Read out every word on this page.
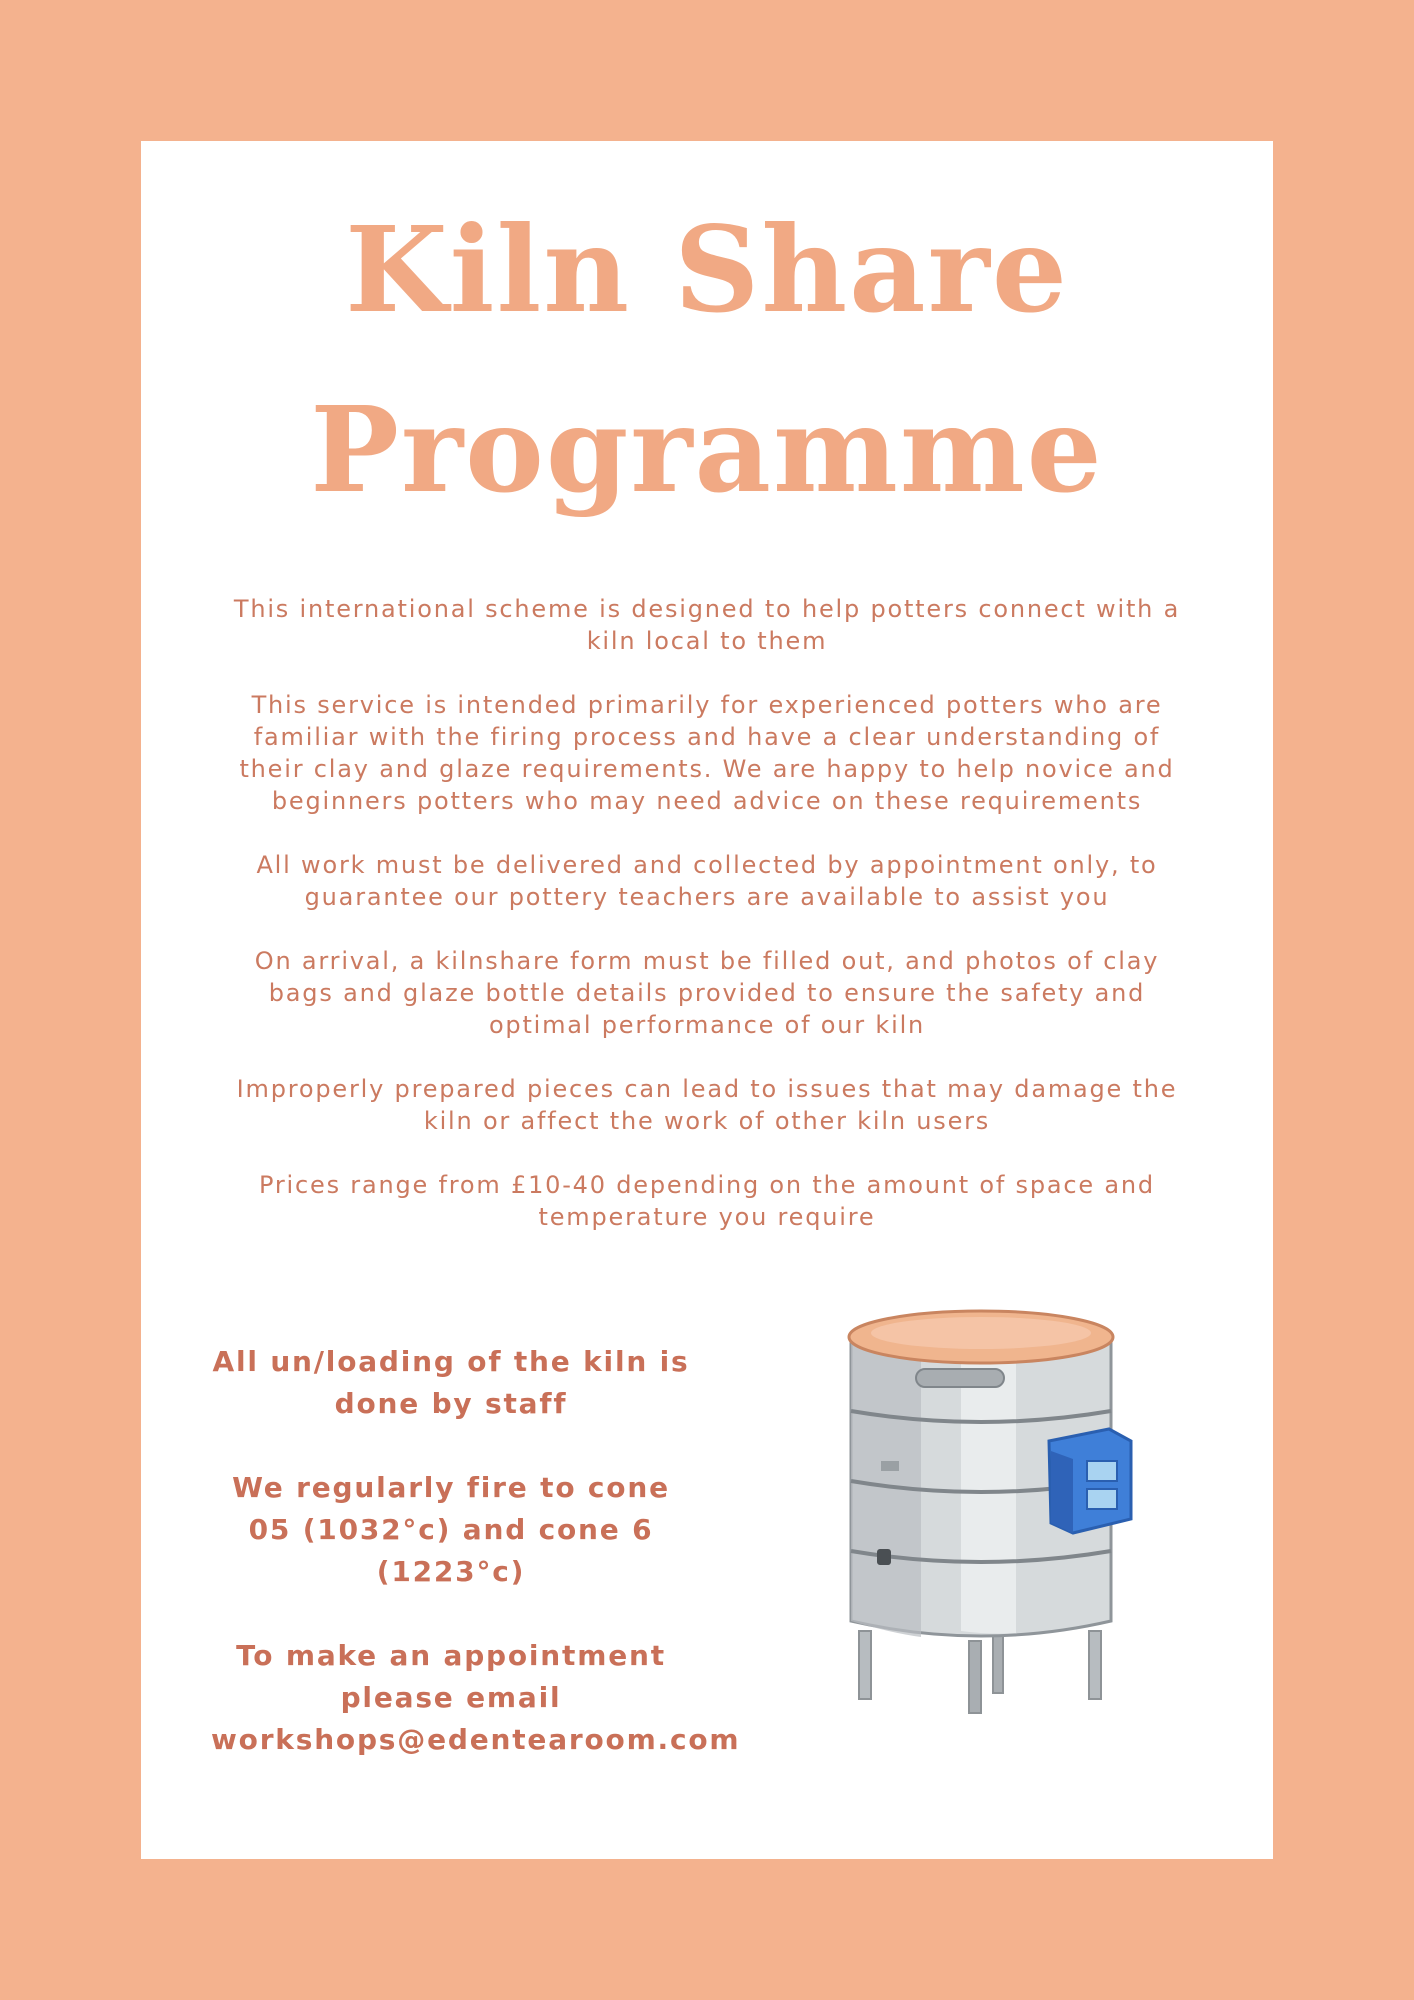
Kiln Share
Programme

This international scheme is designed to help potters connect with a kiln local to them

This service is intended primarily for experienced potters who are familiar with the firing process and have a clear understanding of their clay and glaze requirements. We are happy to help novice and beginners potters who may need advice on these requirements

All work must be delivered and collected by appointment only, to guarantee our pottery teachers are available to assist you

On arrival, a kilnshare form must be filled out, and photos of clay bags and glaze bottle details provided to ensure the safety and optimal performance of our kiln

Improperly prepared pieces can lead to issues that may damage the kiln or affect the work of other kiln users

Prices range from £10-40 depending on the amount of space and temperature you require

All un/loading of the kiln is done by staff

We regularly fire to cone 05 (1032°c) and cone 6 (1223°c)

To make an appointment please email workshops@edentearoom.com
